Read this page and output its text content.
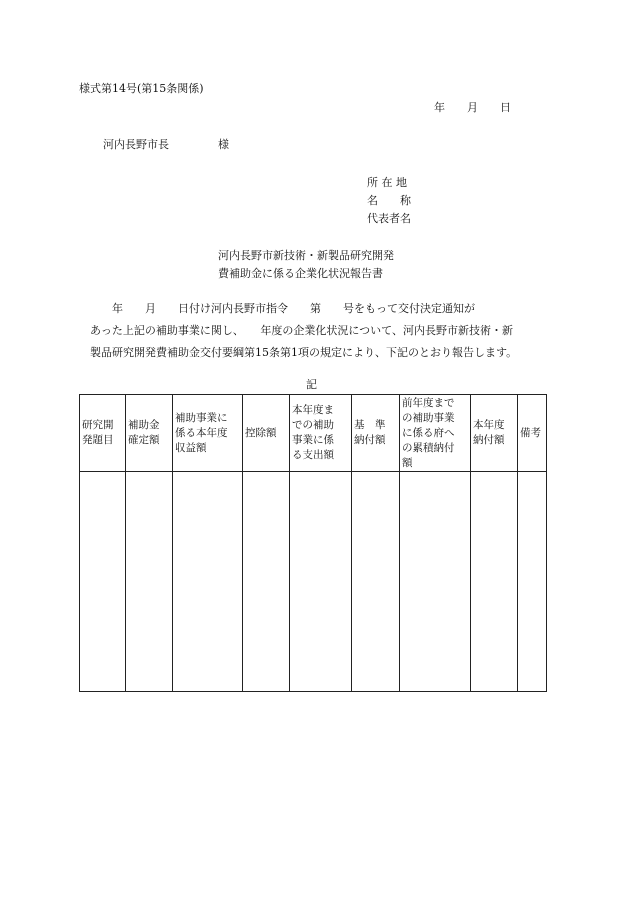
様式第14号(第15条関係)
年　　月　　日
河内長野市長	様
所 在 地
名　　称
代表者名
河内長野市新技術・新製品研究開発
費補助金に係る企業化状況報告書
　　年　　月　　日付け河内長野市指令　　第　　号をもって交付決定通知が
あった上記の補助事業に関し、　　年度の企業化状況について、河内長野市新技術・新
製品研究開発費補助金交付要綱第15条第1項の規定により、下記のとおり報告します。
記
研究開
発題目	補助金
確定額	補助事業に
係る本年度
収益額	控除額	本年度ま
での補助
事業に係
る支出額	基　準
納付額	前年度まで
の補助事業
に係る府へ
の累積納付
額	本年度
納付額	備考
